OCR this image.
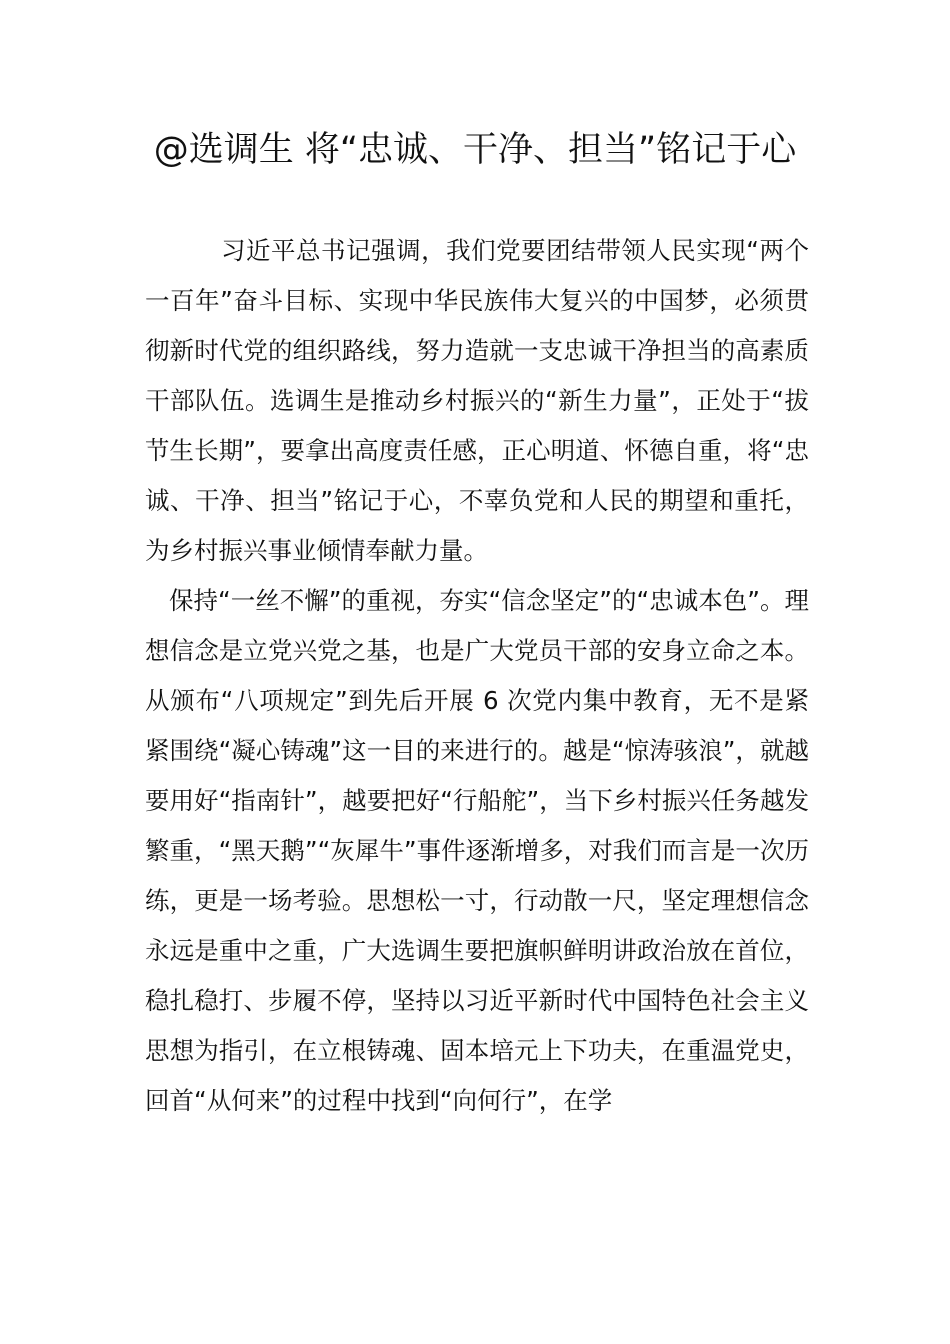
@选调生 将“忠诚、干净、担当”铭记于心

习近平总书记强调，我们党要团结带领人民实现“两个一百年”奋斗目标、实现中华民族伟大复兴的中国梦，必须贯彻新时代党的组织路线，努力造就一支忠诚干净担当的高素质干部队伍。选调生是推动乡村振兴的“新生力量”，正处于“拔节生长期”，要拿出高度责任感，正心明道、怀德自重，将“忠诚、干净、担当”铭记于心，不辜负党和人民的期望和重托，为乡村振兴事业倾情奉献力量。

保持“一丝不懈”的重视，夯实“信念坚定”的“忠诚本色”。理想信念是立党兴党之基，也是广大党员干部的安身立命之本。从颁布“八项规定”到先后开展 6 次党内集中教育，无不是紧紧围绕“凝心铸魂”这一目的来进行的。越是“惊涛骇浪”，就越要用好“指南针”，越要把好“行船舵”，当下乡村振兴任务越发繁重，“黑天鹅”“灰犀牛”事件逐渐增多，对我们而言是一次历练，更是一场考验。思想松一寸，行动散一尺，坚定理想信念永远是重中之重，广大选调生要把旗帜鲜明讲政治放在首位，稳扎稳打、步履不停，坚持以习近平新时代中国特色社会主义思想为指引，在立根铸魂、固本培元上下功夫，在重温党史，回首“从何来”的过程中找到“向何行”，在学
